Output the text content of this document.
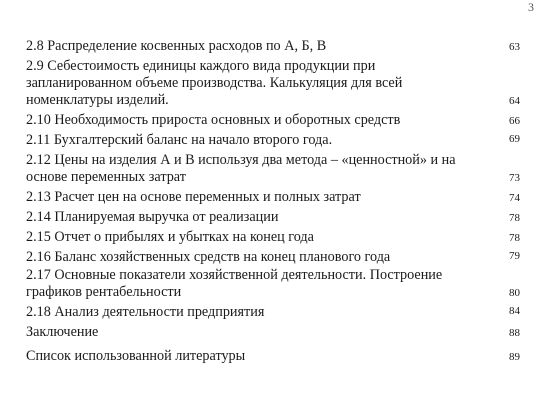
3
2.8 Распределение косвенных расходов по А, Б, В	63
2.9 Себестоимость единицы каждого вида продукции при запланированном объеме производства. Калькуляция для всей номенклатуры изделий.	64
2.10 Необходимость прироста основных и оборотных средств	66
2.11 Бухгалтерский баланс на начало второго года.	69
2.12 Цены на изделия А и В используя два метода – «ценностной» и на основе переменных затрат	73
2.13 Расчет цен на основе переменных и полных затрат	74
2.14 Планируемая выручка от реализации	78
2.15 Отчет о прибылях и убытках на конец года	78
2.16 Баланс хозяйственных средств на конец планового года	79
2.17 Основные показатели хозяйственной деятельности. Построение графиков рентабельности	80
2.18 Анализ деятельности предприятия	84
Заключение	88
Список использованной литературы	89
